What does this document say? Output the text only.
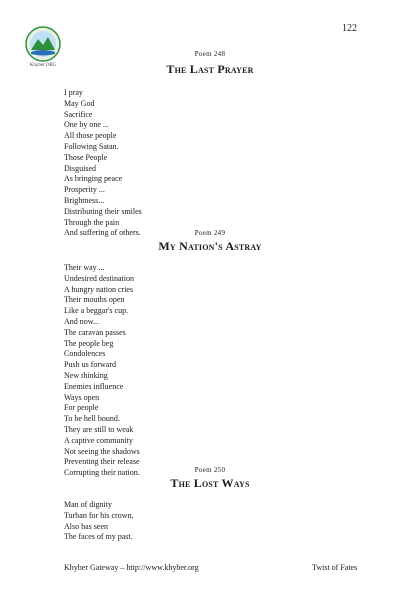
122
Khyber.ORG
Poem 248
The Last Prayer
I pray
May God
Sacrifice
One by one ...
All those people
Following Satan.
Those People
Disguised
As bringing peace
Prosperity ...
Brightness...
Distributing their smiles
Through the pain
And suffering of others.	Poem 249
My Nation's Astray
Their way ...
Undesired destination
A hungry nation cries
Their mouths open
Like a beggar's cup.
And now...
The caravan passes
The people beg
Condolences
Push us forward
New thinking
Enemies influence
Ways open
For people
To be hell bound.
They are still to weak
A captive community
Not seeing the shadows
Preventing their release
Corrupting their nation.	Poem 250
The Lost Ways
Man of dignity
Turban for his crown,
Also has seen
The faces of my past.
Khyber Gateway – http://www.khyber.org	Twist of Fates
